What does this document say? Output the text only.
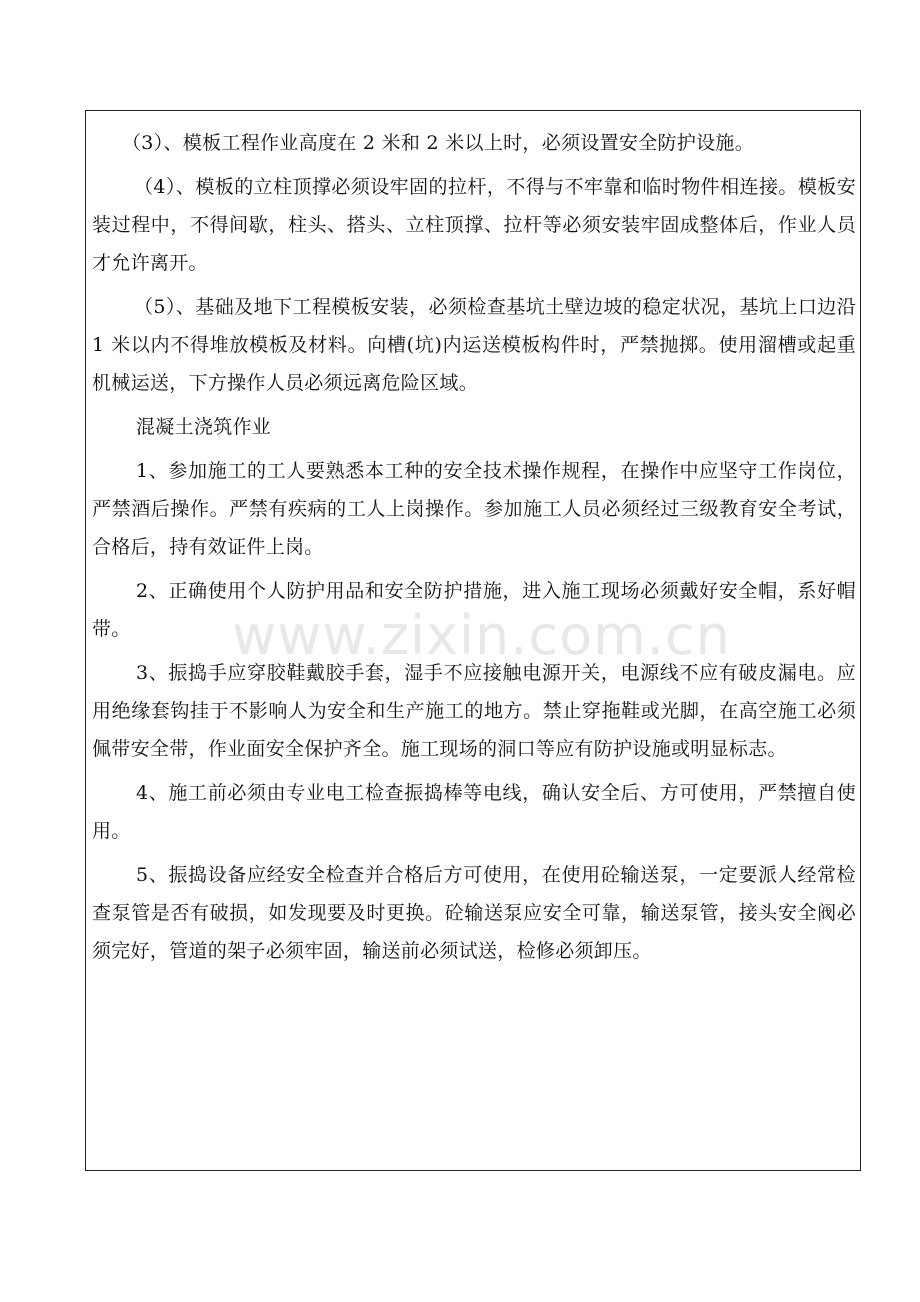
（3）、模板工程作业高度在 2 米和 2 米以上时，必须设置安全防护设施。

（4）、模板的立柱顶撑必须设牢固的拉杆，不得与不牢靠和临时物件相连接。模板安装过程中，不得间歇，柱头、搭头、立柱顶撑、拉杆等必须安装牢固成整体后，作业人员才允许离开。

（5）、基础及地下工程模板安装，必须检查基坑土壁边坡的稳定状况，基坑上口边沿 1 米以内不得堆放模板及材料。向槽(坑)内运送模板构件时，严禁抛掷。使用溜槽或起重机械运送，下方操作人员必须远离危险区域。

混凝土浇筑作业

1、参加施工的工人要熟悉本工种的安全技术操作规程，在操作中应坚守工作岗位，严禁酒后操作。严禁有疾病的工人上岗操作。参加施工人员必须经过三级教育安全考试，合格后，持有效证件上岗。

2、正确使用个人防护用品和安全防护措施，进入施工现场必须戴好安全帽，系好帽带。

3、振捣手应穿胶鞋戴胶手套，湿手不应接触电源开关，电源线不应有破皮漏电。应用绝缘套钩挂于不影响人为安全和生产施工的地方。禁止穿拖鞋或光脚，在高空施工必须佩带安全带，作业面安全保护齐全。施工现场的洞口等应有防护设施或明显标志。

4、施工前必须由专业电工检查振捣棒等电线，确认安全后、方可使用，严禁擅自使用。

5、振捣设备应经安全检查并合格后方可使用，在使用砼输送泵，一定要派人经常检查泵管是否有破损，如发现要及时更换。砼输送泵应安全可靠，输送泵管，接头安全阀必须完好，管道的架子必须牢固，输送前必须试送，检修必须卸压。

www.zixin.com.cn
